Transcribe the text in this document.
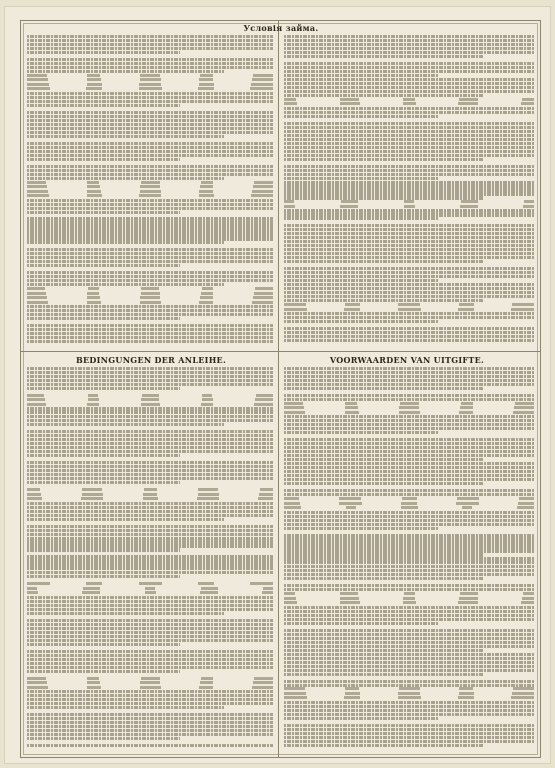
Условія займа.
BEDINGUNGEN DER ANLEIHE.	VOORWAARDEN VAN UITGIFTE.
